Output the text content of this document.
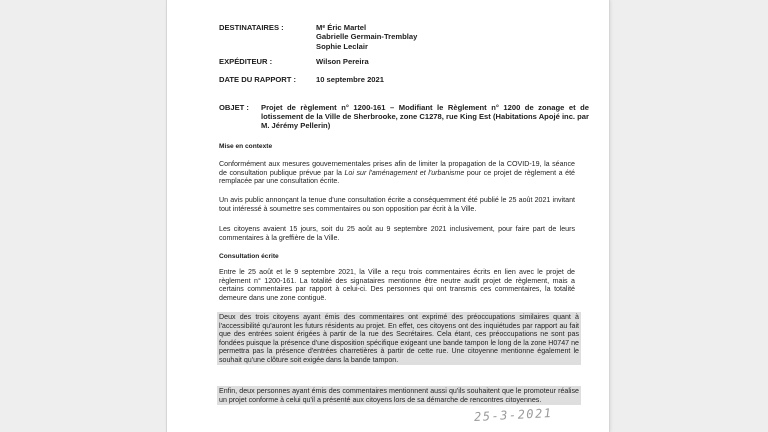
DESTINATAIRES :	Mᵉ Éric Martel
Gabrielle Germain-Tremblay
Sophie Leclair
EXPÉDITEUR :	Wilson Pereira
DATE DU RAPPORT :	10 septembre 2021
OBJET : Projet de règlement n° 1200-161 – Modifiant le Règlement n° 1200 de zonage et de lotissement de la Ville de Sherbrooke, zone C1278, rue King Est (Habitations Apojé inc. par M. Jérémy Pellerin)
Mise en contexte
Conformément aux mesures gouvernementales prises afin de limiter la propagation de la COVID-19, la séance de consultation publique prévue par la Loi sur l'aménagement et l'urbanisme pour ce projet de règlement a été remplacée par une consultation écrite.
Un avis public annonçant la tenue d'une consultation écrite a conséquemment été publié le 25 août 2021 invitant tout intéressé à soumettre ses commentaires ou son opposition par écrit à la Ville.
Les citoyens avaient 15 jours, soit du 25 août au 9 septembre 2021 inclusivement, pour faire part de leurs commentaires à la greffière de la Ville.
Consultation écrite
Entre le 25 août et le 9 septembre 2021, la Ville a reçu trois commentaires écrits en lien avec le projet de règlement n° 1200-161. La totalité des signataires mentionne être neutre audit projet de règlement, mais a certains commentaires par rapport à celui-ci. Des personnes qui ont transmis ces commentaires, la totalité demeure dans une zone contiguë.
Deux des trois citoyens ayant émis des commentaires ont exprimé des préoccupations similaires quant à l'accessibilité qu'auront les futurs résidents au projet. En effet, ces citoyens ont des inquiétudes par rapport au fait que des entrées soient érigées à partir de la rue des Secrétaires. Cela étant, ces préoccupations ne sont pas fondées puisque la présence d'une disposition spécifique exigeant une bande tampon le long de la zone H0747 ne permettra pas la présence d'entrées charretières à partir de cette rue. Une citoyenne mentionne également le souhait qu'une clôture soit exigée dans la bande tampon.
Enfin, deux personnes ayant émis des commentaires mentionnent aussi qu'ils souhaitent que le promoteur réalise un projet conforme à celui qu'il a présenté aux citoyens lors de sa démarche de rencontres citoyennes.
25-3-2021
